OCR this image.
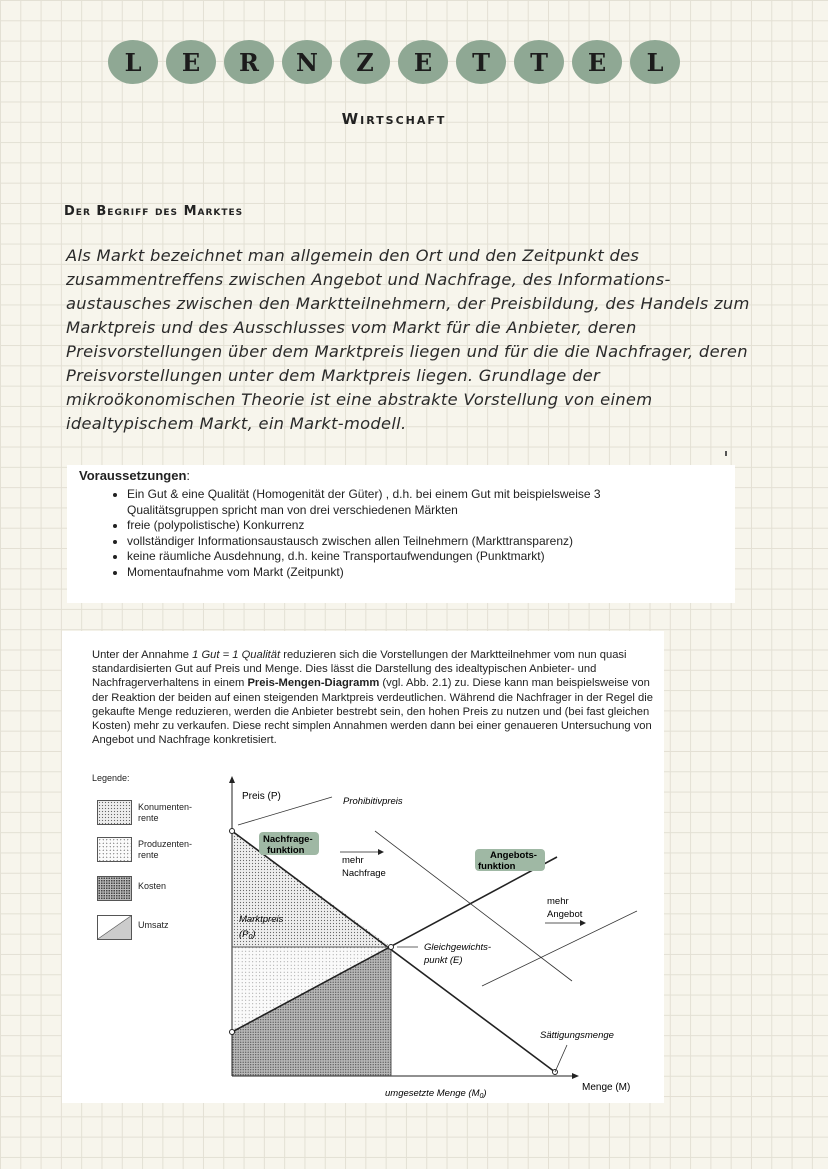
L	E	R	N	Z	E	T	T	E	L
Wirtschaft
Der Begriff des Marktes
Als Markt bezeichnet man allgemein den Ort und den Zeitpunkt des zusammentreffens zwischen Angebot und Nachfrage, des Informations-austausches zwischen den Marktteilnehmern, der Preisbildung, des Handels zum Marktpreis und des Ausschlusses vom Markt für die Anbieter, deren Preisvorstellungen über dem Marktpreis liegen und für die die Nachfrager, deren Preisvorstellungen unter dem Marktpreis liegen. Grundlage der mikroökonomischen Theorie ist eine abstrakte Vorstellung von einem idealtypischem Markt, ein Markt-modell.
Voraussetzungen:
• Ein Gut & eine Qualität (Homogenität der Güter) , d.h. bei einem Gut mit beispielsweise 3 Qualitätsgruppen spricht man von drei verschiedenen Märkten
• freie (polypolistische) Konkurrenz
• vollständiger Informationsaustausch zwischen allen Teilnehmern (Markttransparenz)
• keine räumliche Ausdehnung, d.h. keine Transportaufwendungen (Punktmarkt)
• Momentaufnahme vom Markt (Zeitpunkt)
Unter der Annahme 1 Gut = 1 Qualität reduzieren sich die Vorstellungen der Marktteilnehmer vom nun quasi standardisierten Gut auf Preis und Menge. Dies lässt die Darstellung des idealtypischen Anbieter- und Nachfragerverhaltens in einem Preis-Mengen-Diagramm (vgl. Abb. 2.1) zu. Diese kann man beispielsweise von der Reaktion der beiden auf einen steigenden Marktpreis verdeutlichen. Während die Nachfrager in der Regel die gekaufte Menge reduzieren, werden die Anbieter bestrebt sein, den hohen Preis zu nutzen und (bei fast gleichen Kosten) mehr zu verkaufen. Diese recht simplen Annahmen werden dann bei einer genaueren Untersuchung von Angebot und Nachfrage konkretisiert.
Legende:
Konumenten-
rente
Produzenten-
rente
Kosten
Umsatz
Preis (P)
Menge (M)
Nachfrage-
funktion	Angebots-
funktion
Prohibitivpreis
mehr
Nachfrage
mehr
Angebot
Marktpreis
$(P_0)$
Gleichgewichts-
punkt (E)
Sättigungsmenge
umgesetzte Menge $(M_0)$
